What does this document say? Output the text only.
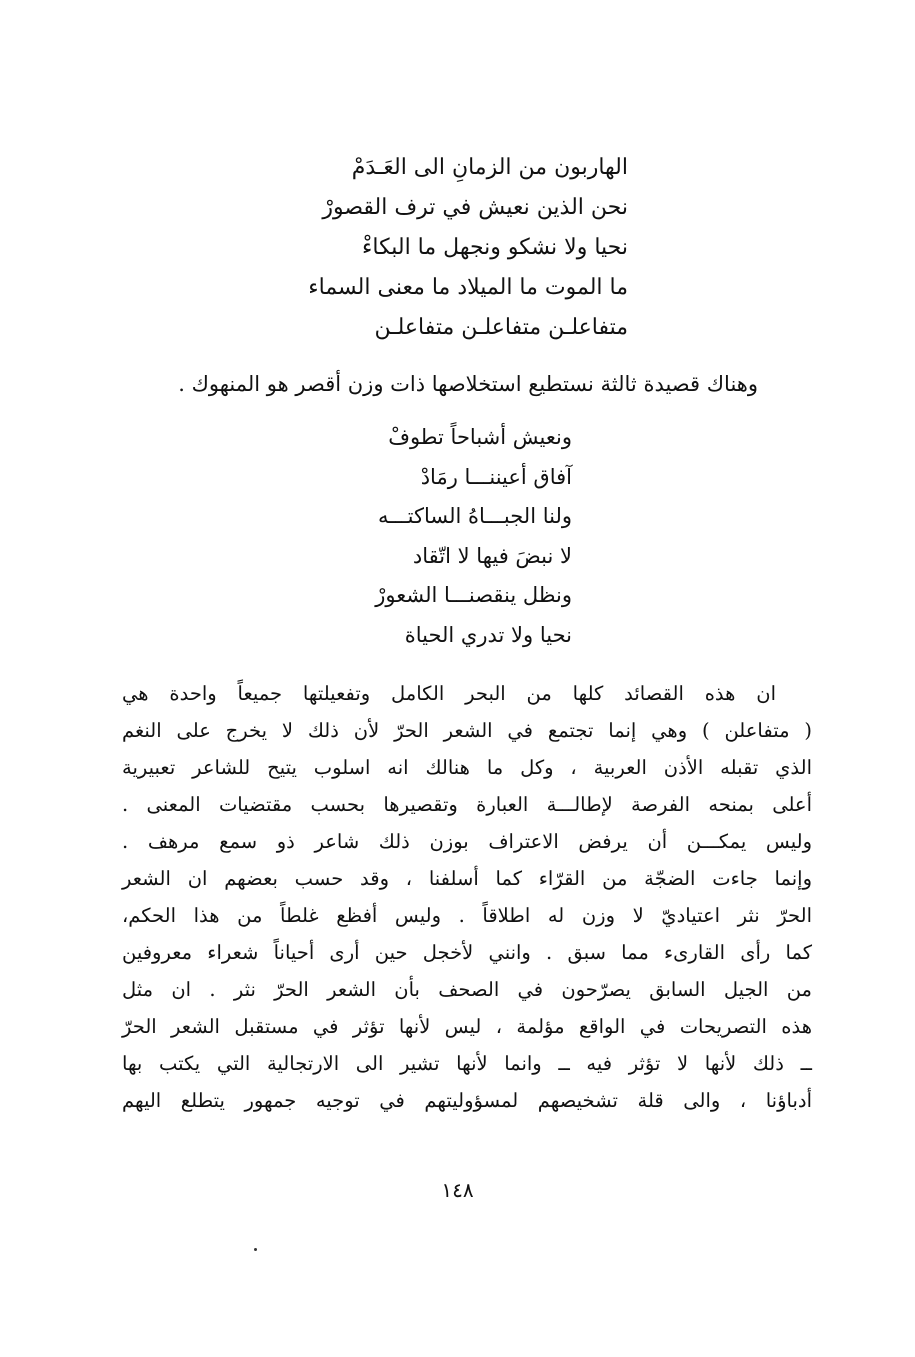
الهاربون من الزمانِ الى العَـدَمْ
نحن الذين نعيش في ترف القصورْ
نحيا ولا نشكو ونجهل ما البكاءْ
ما الموت ما الميلاد ما معنى السماء
متفاعلـن متفاعلـن متفاعلـن
وهناك قصيدة ثالثة نستطيع استخلاصها ذات وزن أقصر هو المنهوك .
ونعيش أشباحاً تطوفْ
آفاق أعيننـــا رمَادْ
ولنا الجبـــاهُ الساكتـــه
لا نبضَ فيها لا اتّقاد
ونظل ينقصنـــا الشعورْ
نحيا ولا تدري الحياة
ان هذه القصائد كلها من البحر الكامل وتفعيلتها جميعاً واحدة هي
( متفاعلن ) وهي إنما تجتمع في الشعر الحرّ لأن ذلك لا يخرج على النغم
الذي تقبله الأذن العربية ، وكل ما هنالك انه اسلوب يتيح للشاعر تعبيرية
أعلى بمنحه الفرصة لإطالـــة العبارة وتقصيرها بحسب مقتضيات المعنى .
وليس يمكـــن أن يرفض الاعتراف بوزن ذلك شاعر ذو سمع مرهف .
وإنما جاءت الضجّة من القرّاء كما أسلفنا ، وقد حسب بعضهم ان الشعر
الحرّ نثر اعتياديّ لا وزن له اطلاقاً . وليس أفظع غلطاً من هذا الحكم،
كما رأى القارىء مما سبق . وانني لأخجل حين أرى أحياناً شعراء معروفين
من الجيل السابق يصرّحون في الصحف بأن الشعر الحرّ نثر . ان مثل
هذه التصريحات في الواقع مؤلمة ، ليس لأنها تؤثر في مستقبل الشعر الحرّ
ــ ذلك لأنها لا تؤثر فيه ــ وانما لأنها تشير الى الارتجالية التي يكتب بها
أدباؤنا ، والى قلة تشخيصهم لمسؤوليتهم في توجيه جمهور يتطلع اليهم
١٤٨
